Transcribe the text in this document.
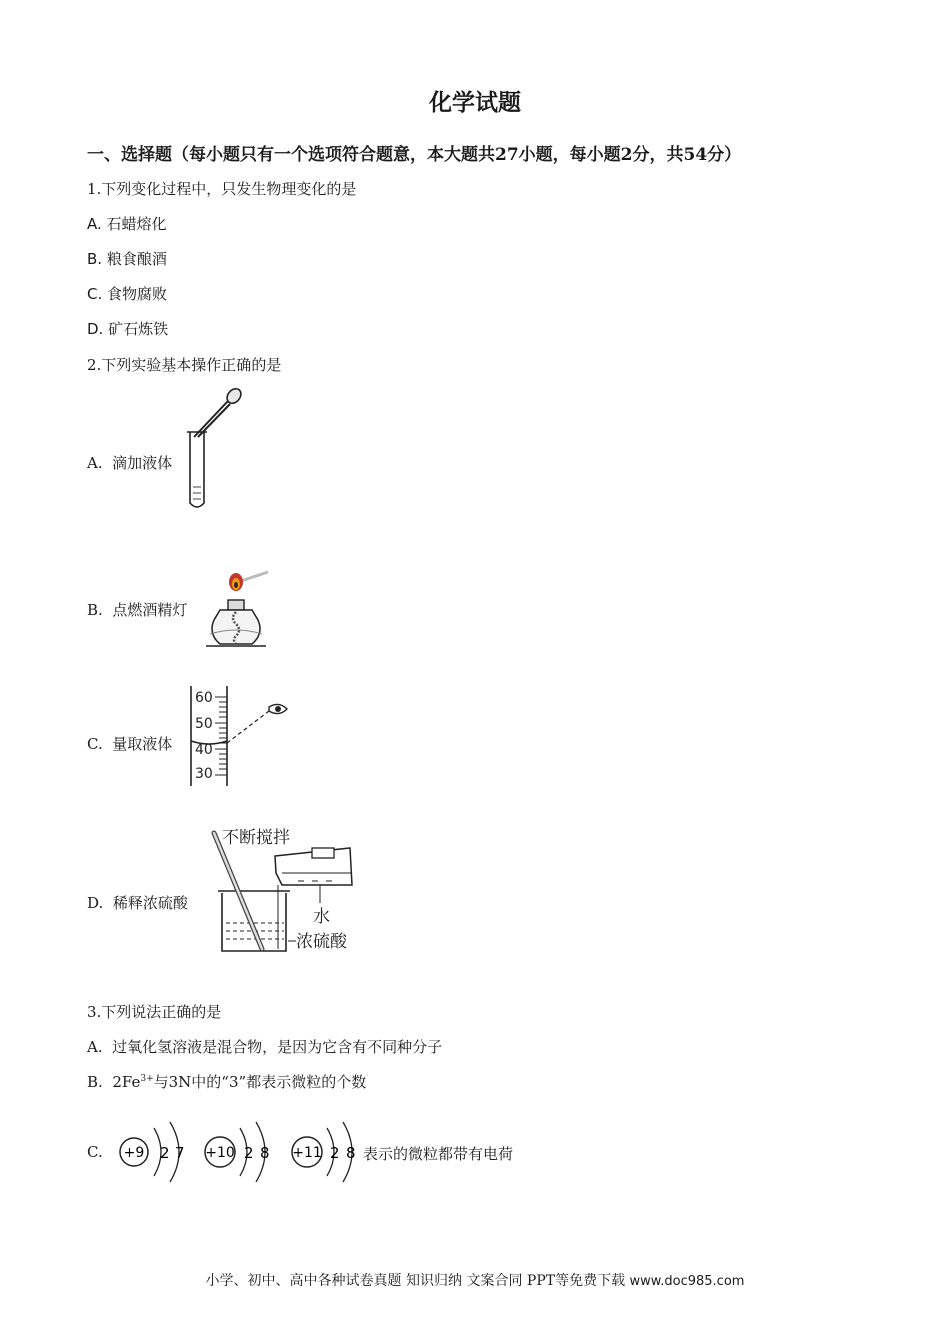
化学试题
一、选择题（每小题只有一个选项符合题意，本大题共27小题，每小题2分，共54分）
1.下列变化过程中，只发生物理变化的是
A. 石蜡熔化
B. 粮食酿酒
C. 食物腐败
D. 矿石炼铁
2.下列实验基本操作正确的是
A. 滴加液体
B. 点燃酒精灯
C. 量取液体
60
50
40
30
D. 稀释浓硫酸
不断搅拌
水
浓硫酸
3.下列说法正确的是
A. 过氧化氢溶液是混合物，是因为它含有不同种分子
B. $2Fe^{3+}$与3N中的“3”都表示微粒的个数
C. +9 2 7 +10 2 8 +11 2 8 表示的微粒都带有电荷
小学、初中、高中各种试卷真题 知识归纳 文案合同 PPT等免费下载 www.doc985.com
